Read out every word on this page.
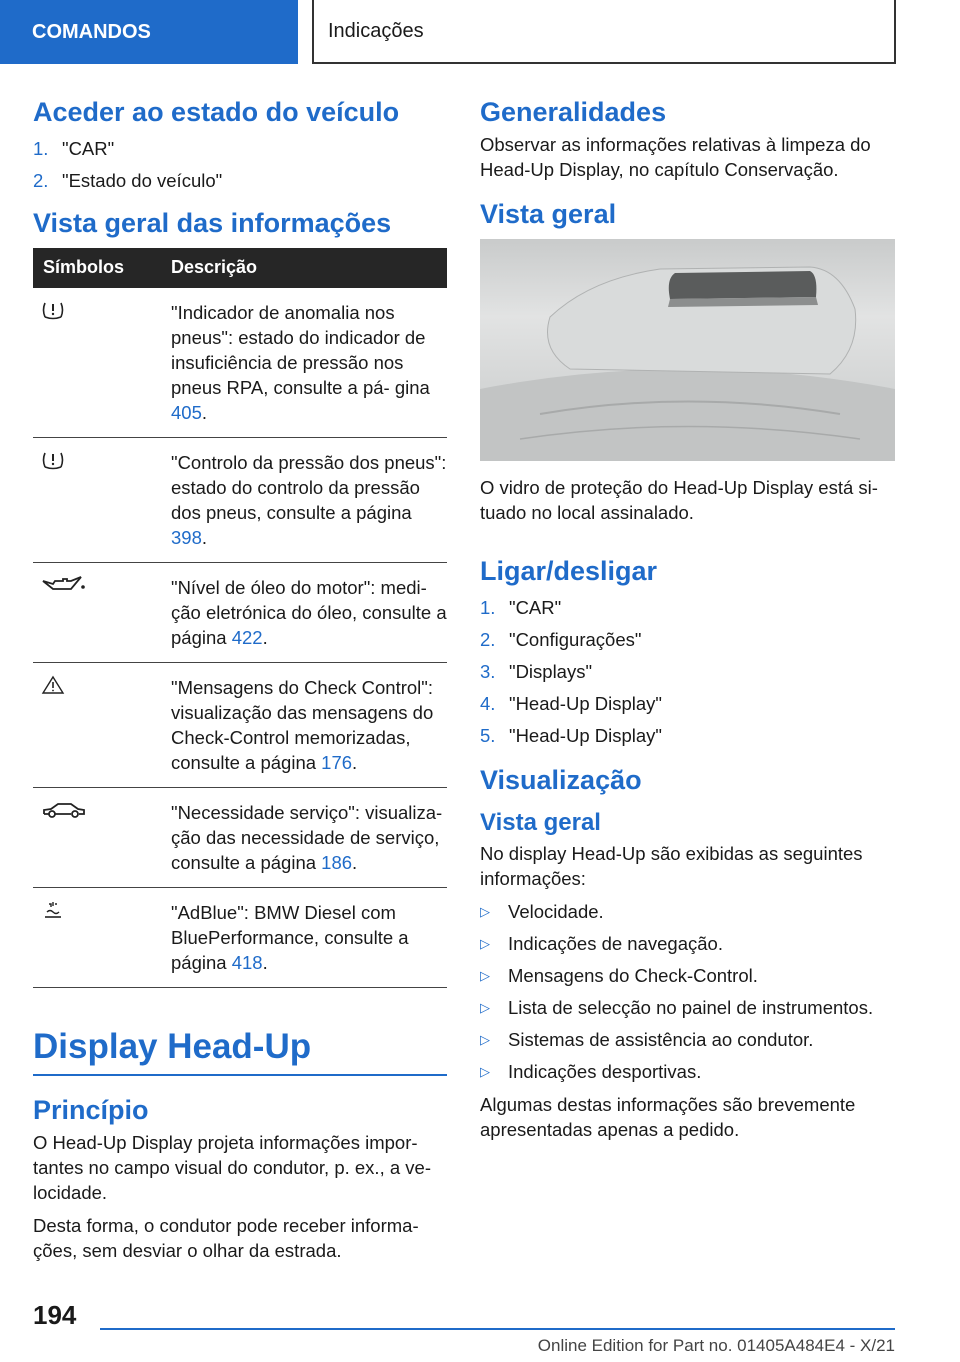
COMANDOS	Indicações
Aceder ao estado do veículo
1. "CAR"
2. "Estado do veículo"
Vista geral das informações
Símbolos	Descrição
	"Indicador de anomalia nos pneus": estado do indicador de insuficiência de pressão nos pneus RPA, consulte a pá- gina 405.
	"Controlo da pressão dos pneus": estado do controlo da pressão dos pneus, consulte a página 398.
	"Nível de óleo do motor": medi- ção eletrónica do óleo, consulte a página 422.
	"Mensagens do Check Control": visualização das mensagens do Check-Control memorizadas, consulte a página 176.
	"Necessidade serviço": visualiza- ção das necessidade de serviço, consulte a página 186.
	"AdBlue": BMW Diesel com BluePerformance, consulte a página 418.
Display Head-Up
Princípio

O Head-Up Display projeta informações impor- tantes no campo visual do condutor, p. ex., a ve- locidade.

Desta forma, o condutor pode receber informa- ções, sem desviar o olhar da estrada.

Generalidades

Observar as informações relativas à limpeza do Head-Up Display, no capítulo Conservação.

Vista geral

O vidro de proteção do Head-Up Display está si- tuado no local assinalado.

Ligar/desligar
1. "CAR"
2. "Configurações"
3. "Displays"
4. "Head-Up Display"
5. "Head-Up Display"
Visualização
Vista geral

No display Head-Up são exibidas as seguintes informações:

▷ Velocidade.
▷ Indicações de navegação.
▷ Mensagens do Check-Control.
▷ Lista de selecção no painel de instrumentos.
▷ Sistemas de assistência ao condutor.
▷ Indicações desportivas.

Algumas destas informações são brevemente apresentadas apenas a pedido.

194
Online Edition for Part no. 01405A484E4 - X/21
